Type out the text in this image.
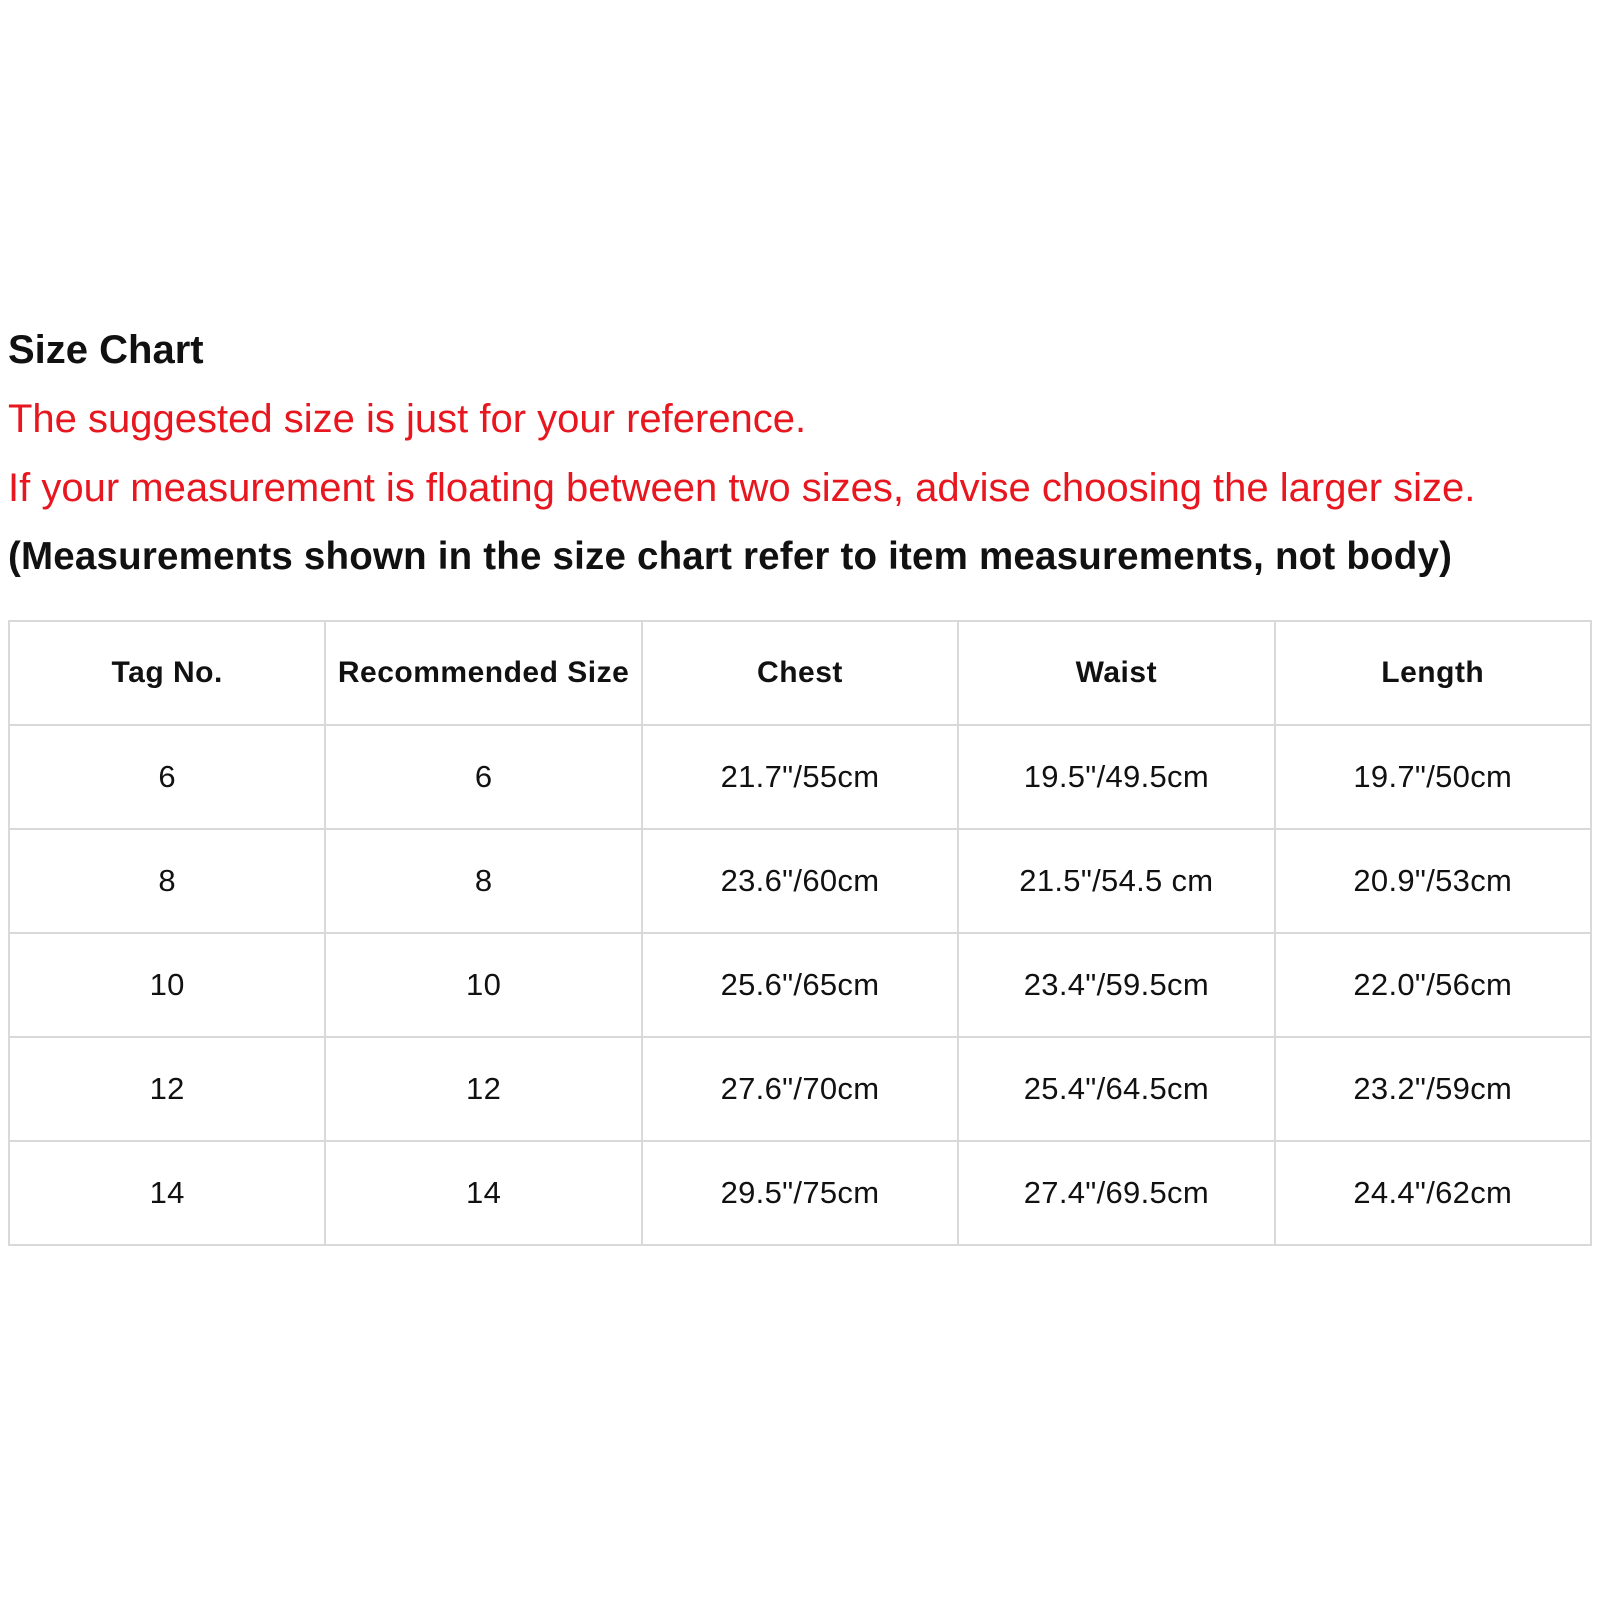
Size Chart
The suggested size is just for your reference.
If your measurement is floating between two sizes, advise choosing the larger size.
(Measurements shown in the size chart refer to item measurements, not body)
Tag No.	Recommended Size	Chest	Waist	Length
6	6	21.7"/55cm	19.5"/49.5cm	19.7"/50cm
8	8	23.6"/60cm	21.5"/54.5 cm	20.9"/53cm
10	10	25.6"/65cm	23.4"/59.5cm	22.0"/56cm
12	12	27.6"/70cm	25.4"/64.5cm	23.2"/59cm
14	14	29.5"/75cm	27.4"/69.5cm	24.4"/62cm
